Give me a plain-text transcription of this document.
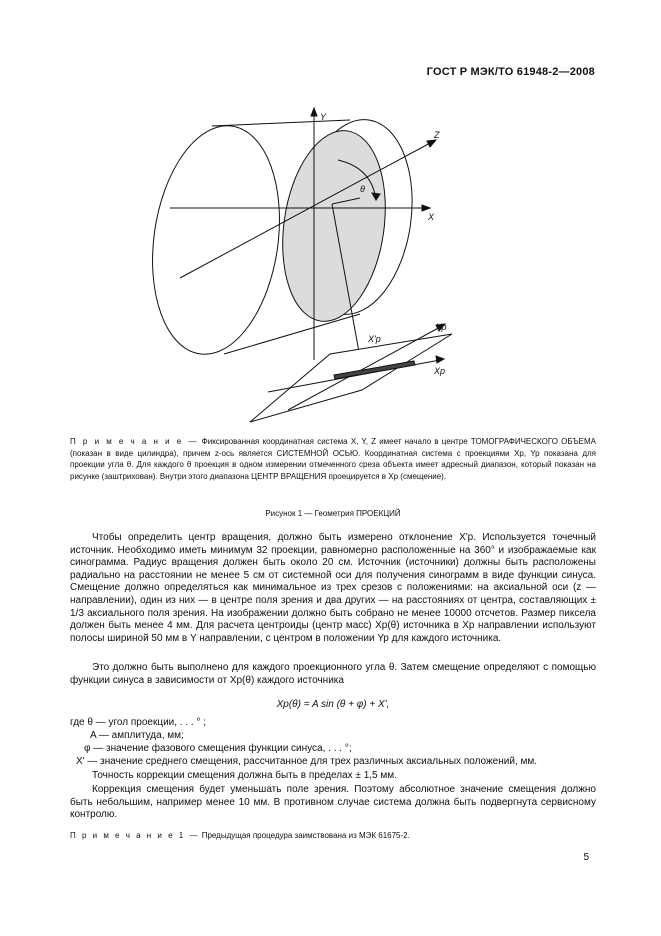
ГОСТ Р МЭК/ТО 61948-2—2008
Y
Z
X
θ
X'p
Yp
Xp
П р и м е ч а н и е — Фиксированная координатная система X, Y, Z имеет начало в центре ТОМОГРАФИЧЕСКОГО ОБЪЕМА (показан в виде цилиндра), причем z-ось является СИСТЕМНОЙ ОСЬЮ. Координатная система с проекциями Xp, Yp показана для проекции угла θ. Для каждого θ проекция в одном измерении отмеченного среза объекта имеет адресный диапазон, который показан на рисунке (заштрихован). Внутри этого диапазона ЦЕНТР ВРАЩЕНИЯ проецируется в Xp (смещение).
Рисунок 1 — Геометрия ПРОЕКЦИЙ
Чтобы определить центр вращения, должно быть измерено отклонение X'p. Используется точечный источник. Необходимо иметь минимум 32 проекции, равномерно расположенные на 360° и изображаемые как синограмма. Радиус вращения должен быть около 20 см. Источник (источники) должны быть расположены радиально на расстоянии не менее 5 см от системной оси для получения синограмм в виде функции синуса. Смещение должно определяться как минимальное из трех срезов с положениями: на аксиальной оси (z — направлении), один из них — в центре поля зрения и два других — на расстояниях от центра, составляющих ± 1/3 аксиального поля зрения. На изображении должно быть собрано не менее 10000 отсчетов. Размер пиксела должен быть менее 4 мм. Для расчета центроиды (центр масс) Xp(θ) источника в Xp направлении используют полосы шириной 50 мм в Y направлении, с центром в положении Yp для каждого источника.
Это должно быть выполнено для каждого проекционного угла θ. Затем смещение определяют с помощью функции синуса в зависимости от Xp(θ) каждого источника
Xp(θ) = A sin (θ + φ) + X',
где θ — угол проекции, . . . ° ;
A — амплитуда, мм;
φ — значение фазового смещения функции синуса, . . . °;
X' — значение среднего смещения, рассчитанное для трех различных аксиальных положений, мм.
Точность коррекции смещения должна быть в пределах ± 1,5 мм.
Коррекция смещения будет уменьшать поле зрения. Поэтому абсолютное значение смещения должно быть небольшим, например менее 10 мм. В противном случае система должна быть подвергнута сервисному контролю.
П р и м е ч а н и е 1 — Предыдущая процедура заимствована из МЭК 61675-2.
5
